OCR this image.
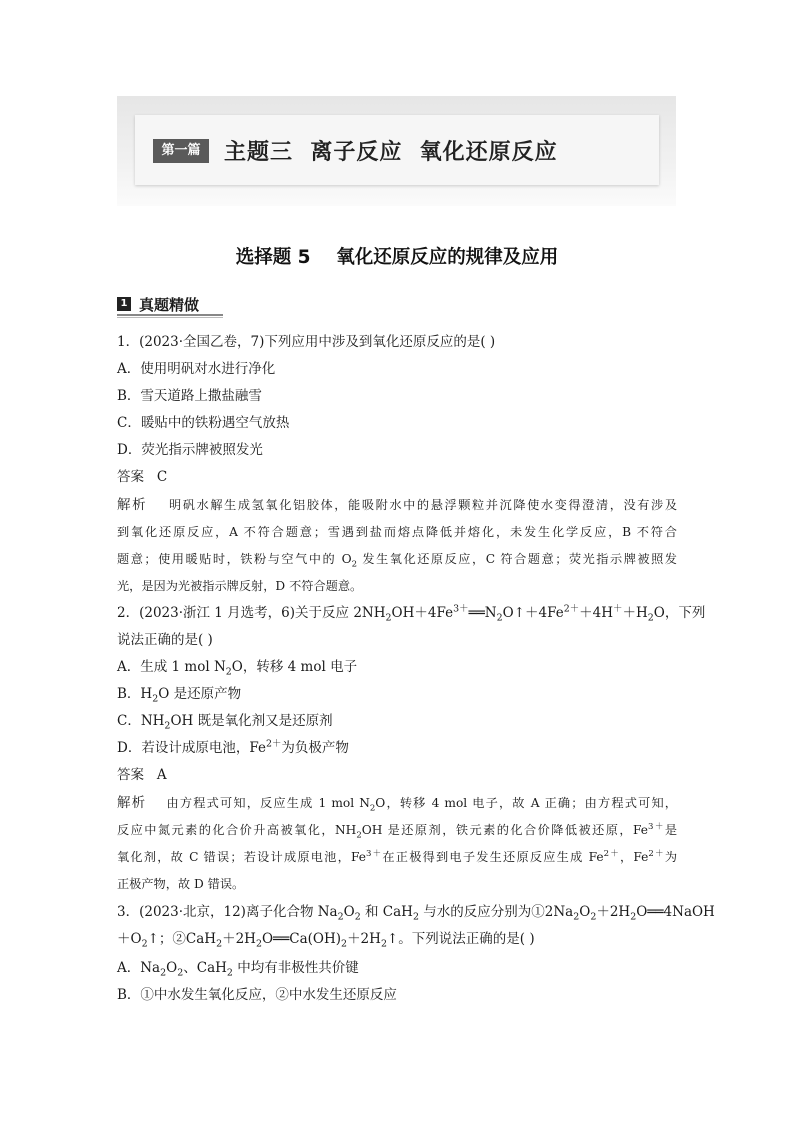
第一篇	主题三  离子反应  氧化还原反应
选择题 5    氧化还原反应的规律及应用
1 真题精做
1．(2023·全国乙卷，7)下列应用中涉及到氧化还原反应的是( )
A．使用明矾对水进行净化
B．雪天道路上撒盐融雪
C．暖贴中的铁粉遇空气放热
D．荧光指示牌被照发光
答案 C
解析 明矾水解生成氢氧化铝胶体，能吸附水中的悬浮颗粒并沉降使水变得澄清，没有涉及
到氧化还原反应，A 不符合题意；雪遇到盐而熔点降低并熔化，未发生化学反应，B 不符合
题意；使用暖贴时，铁粉与空气中的 $O_2$ 发生氧化还原反应，C 符合题意；荧光指示牌被照发
光，是因为光被指示牌反射，D 不符合题意。
2．(2023·浙江 1 月选考，6)关于反应 $2NH_2OH+4Fe^{3+}══N_2O↑+4Fe^{2+}+4H^++H_2O$，下列
说法正确的是( )
A．生成 1 mol $N_2O$，转移 4 mol 电子
B．$H_2O$ 是还原产物
C．$NH_2OH$ 既是氧化剂又是还原剂
D．若设计成原电池，$Fe^{2+}$为负极产物
答案 A
解析 由方程式可知，反应生成 1 mol $N_2O$，转移 4 mol 电子，故 A 正确；由方程式可知，
反应中氮元素的化合价升高被氧化，$NH_2OH$ 是还原剂，铁元素的化合价降低被还原，$Fe^{3+}$是
氧化剂，故 C 错误；若设计成原电池，$Fe^{3+}$在正极得到电子发生还原反应生成 $Fe^{2+}$，$Fe^{2+}$为
正极产物，故 D 错误。
3．(2023·北京，12)离子化合物 $Na_2O_2$ 和 CaH$_2$ 与水的反应分别为$①2Na_2O_2+2H_2O══4NaOH$
$+O_2↑$；$②CaH_2+2H_2O══Ca(OH)_2+2H_2↑$。下列说法正确的是( )
A．$Na_2O_2$、CaH$_2$ 中均有非极性共价键
B．①中水发生氧化反应，②中水发生还原反应
